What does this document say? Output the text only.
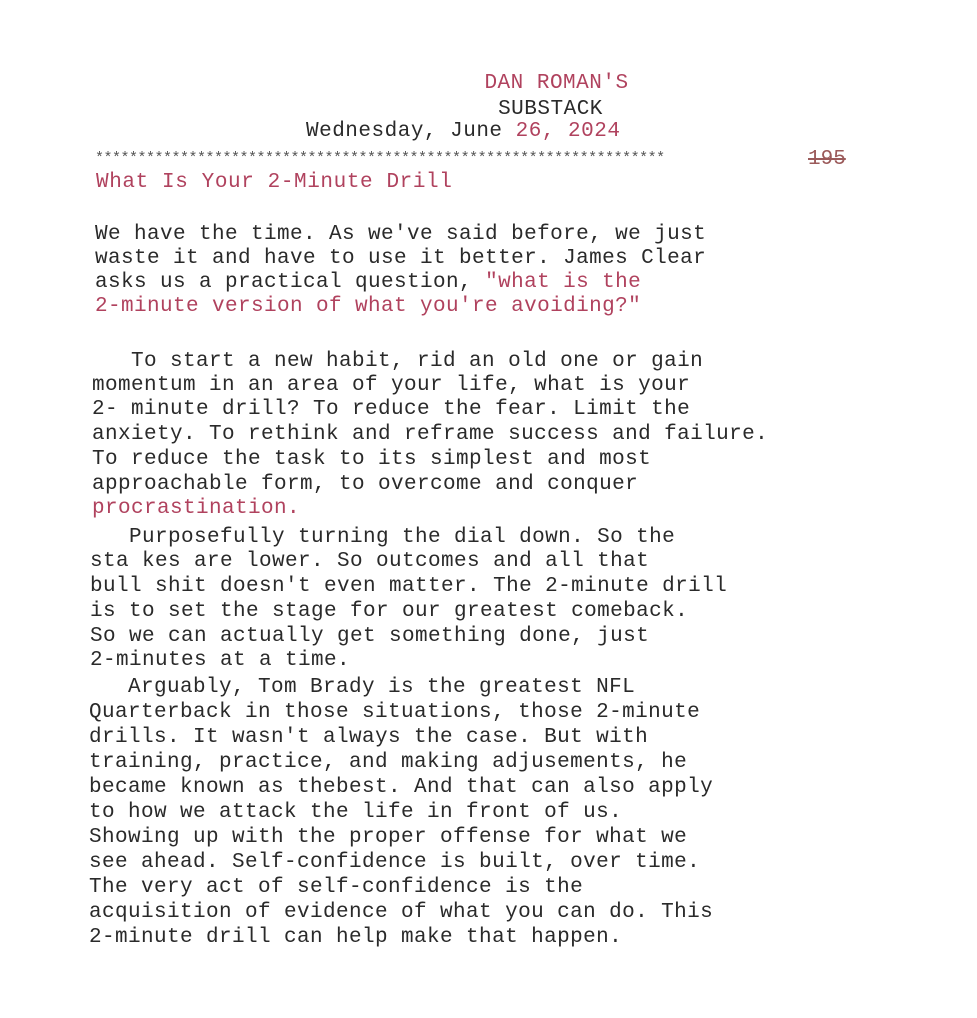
DAN ROMAN'S
SUBSTACK
Wednesday, June 26, 2024
*******************************************************************	195
What Is Your 2-Minute Drill
We have the time. As we've said before, we just
waste it and have to use it better. James Clear
asks us a practical question, "what is the
2-minute version of what you're avoiding?"
To start a new habit, rid an old one or gain
momentum in an area of your life, what is your
2- minute drill? To reduce the fear. Limit the
anxiety. To rethink and reframe success and failure.
To reduce the task to its simplest and most
approachable form, to overcome and conquer
procrastination.
Purposefully turning the dial down. So the
sta kes are lower. So outcomes and all that
bull shit doesn't even matter. The 2-minute drill
is to set the stage for our greatest comeback.
So we can actually get something done, just
2-minutes at a time.
Arguably, Tom Brady is the greatest NFL
Quarterback in those situations, those 2-minute
drills. It wasn't always the case. But with
training, practice, and making adjusements, he
became known as thebest. And that can also apply
to how we attack the life in front of us.
Showing up with the proper offense for what we
see ahead. Self-confidence is built, over time.
The very act of self-confidence is the
acquisition of evidence of what you can do. This
2-minute drill can help make that happen.
